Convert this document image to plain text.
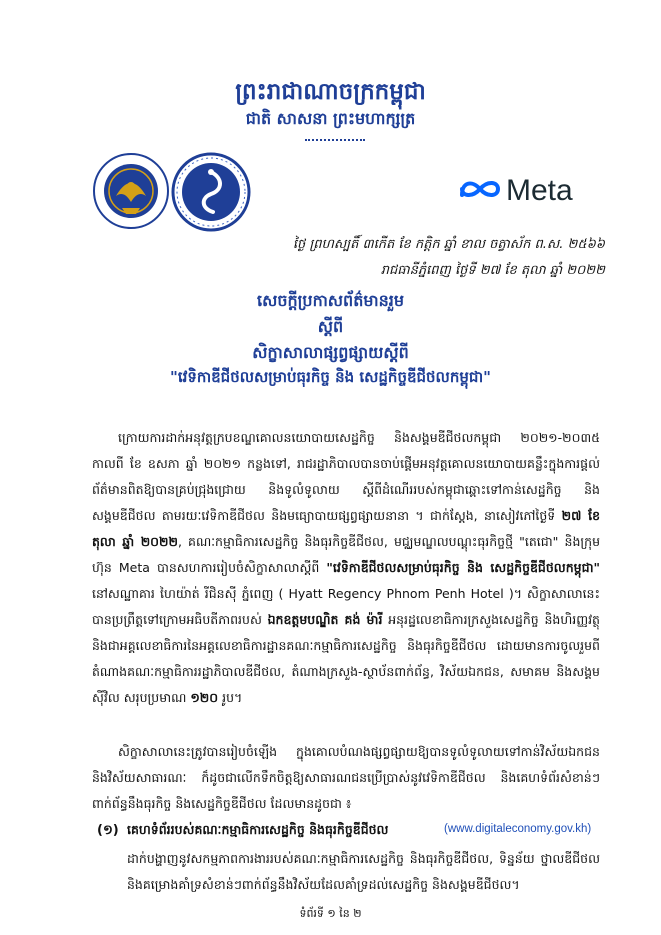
ព្រះរាជាណាចក្រកម្ពុជា
ជាតិ សាសនា ព្រះមហាក្សត្រ
Meta
ថ្ងៃ ព្រហស្បតិ៍ ៣កើត ខែ កត្តិក ឆ្នាំ ខាល ចត្វាស័ក ព.ស. ២៥៦៦
រាជធានីភ្នំពេញ ថ្ងៃទី ២៧ ខែ តុលា ឆ្នាំ ២០២២
សេចក្តីប្រកាសព័ត៌មានរួម
ស្តីពី
សិក្ខាសាលាផ្សព្វផ្សាយស្តីពី
"វេទិកាឌីជីថលសម្រាប់ធុរកិច្ច និង សេដ្ឋកិច្ចឌីជីថលកម្ពុជា"

ក្រោយការដាក់អនុវត្តក្របខណ្ឌគោលនយោបាយសេដ្ឋកិច្ច និងសង្គមឌីជីថលកម្ពុជា ២០២១-២០៣៥ កាលពី ខែ ឧសភា ឆ្នាំ ២០២១ កន្លងទៅ, រាជរដ្ឋាភិបាលបានចាប់ផ្តើមអនុវត្តគោលនយោបាយគន្លឹះក្នុងការផ្តល់ព័ត៌មានពិតឱ្យបានគ្រប់ជ្រុងជ្រោយ និងទូលំទូលាយ ស្តីពីដំណើររបស់កម្ពុជាឆ្ពោះទៅកាន់សេដ្ឋកិច្ច និងសង្គមឌីជីថល តាមរយៈវេទិកាឌីជីថល និងមធ្យោបាយផ្សព្វផ្សាយនានា ។ ជាក់ស្តែង, នាសៀវភៅថ្ងៃទី ២៧ ខែ តុលា ឆ្នាំ ២០២២, គណៈកម្មាធិការសេដ្ឋកិច្ច និងធុរកិច្ចឌីជីថល, មជ្ឈមណ្ឌលបណ្តុះធុរកិច្ចថ្មី "តេជោ" និងក្រុមហ៊ុន Meta បានសហការរៀបចំសិក្ខាសាលាស្តីពី "វេទិកាឌីជីថលសម្រាប់ធុរកិច្ច និង សេដ្ឋកិច្ចឌីជីថលកម្ពុជា" នៅសណ្ឋាគារ ហៃយ៉ាត់ រីជិនស៊ី ភ្នំពេញ ( Hyatt Regency Phnom Penh Hotel )។ សិក្ខាសាលានេះបានប្រព្រឹត្តទៅក្រោមអធិបតីភាពរបស់ ឯកឧត្តមបណ្ឌិត គង់ ម៉ារី អនុរដ្ឋលេខាធិការក្រសួងសេដ្ឋកិច្ច និងហិរញ្ញវត្ថុ និងជាអគ្គលេខាធិការនៃអគ្គលេខាធិការដ្ឋានគណៈកម្មាធិការសេដ្ឋកិច្ច និងធុរកិច្ចឌីជីថល ដោយមានការចូលរួមពីតំណាងគណៈកម្មាធិការរដ្ឋាភិបាលឌីជីថល, តំណាងក្រសួង-ស្ថាប័នពាក់ព័ន្ធ, វិស័យឯកជន, សមាគម និងសង្គមស៊ីវិល សរុបប្រមាណ ១២០ រូប។

សិក្ខាសាលានេះត្រូវបានរៀបចំឡើង ក្នុងគោលបំណងផ្សព្វផ្សាយឱ្យបានទូលំទូលាយទៅកាន់វិស័យឯកជន និងវិស័យសាធារណៈ ក៏ដូចជាលើកទឹកចិត្តឱ្យសាធារណជនប្រើប្រាស់នូវវេទិកាឌីជីថល និងគេហទំព័រសំខាន់ៗ ពាក់ព័ន្ធនឹងធុរកិច្ច និងសេដ្ឋកិច្ចឌីជីថល ដែលមានដូចជា ៖

(១) គេហទំព័ររបស់គណៈកម្មាធិការសេដ្ឋកិច្ច និងធុរកិច្ចឌីជីថល	(www.digitaleconomy.gov.kh)

ដាក់បង្ហាញនូវសកម្មភាពការងាររបស់គណៈកម្មាធិការសេដ្ឋកិច្ច និងធុរកិច្ចឌីជីថល, ទិន្នន័យ ថ្នាលឌីជីថល និងគម្រោងគាំទ្រសំខាន់ៗពាក់ព័ន្ធនឹងវិស័យដែលគាំទ្រដល់សេដ្ឋកិច្ច និងសង្គមឌីជីថល។

ទំព័រទី ១ នៃ ២
